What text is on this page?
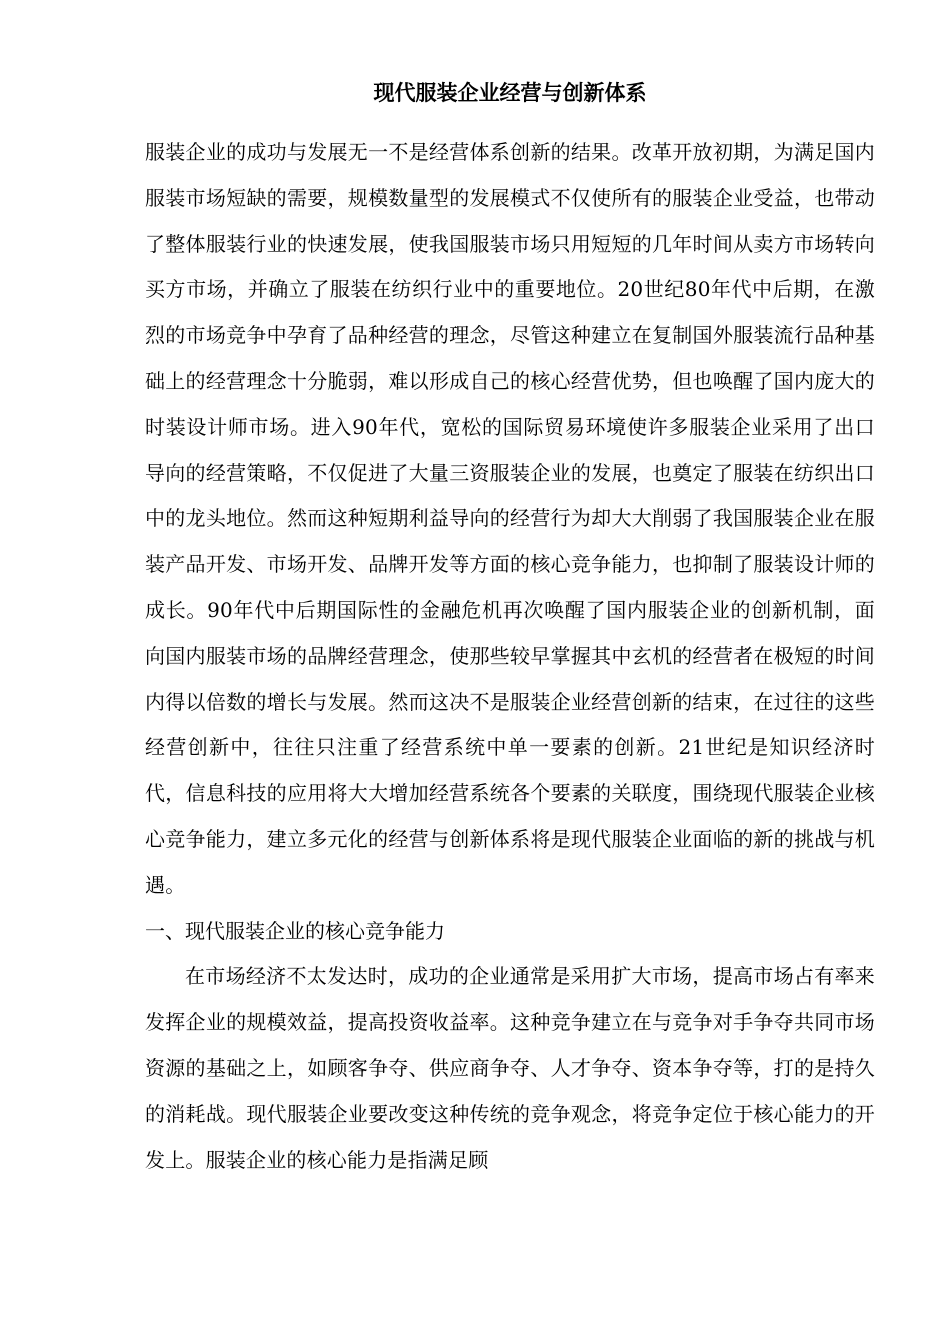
现代服装企业经营与创新体系

服装企业的成功与发展无一不是经营体系创新的结果。改革开放初期，为满足国内服装市场短缺的需要，规模数量型的发展模式不仅使所有的服装企业受益，也带动了整体服装行业的快速发展，使我国服装市场只用短短的几年时间从卖方市场转向买方市场，并确立了服装在纺织行业中的重要地位。20世纪80年代中后期，在激烈的市场竞争中孕育了品种经营的理念，尽管这种建立在复制国外服装流行品种基础上的经营理念十分脆弱，难以形成自己的核心经营优势，但也唤醒了国内庞大的时装设计师市场。进入90年代，宽松的国际贸易环境使许多服装企业采用了出口导向的经营策略，不仅促进了大量三资服装企业的发展，也奠定了服装在纺织出口中的龙头地位。然而这种短期利益导向的经营行为却大大削弱了我国服装企业在服装产品开发、市场开发、品牌开发等方面的核心竞争能力，也抑制了服装设计师的成长。90年代中后期国际性的金融危机再次唤醒了国内服装企业的创新机制，面向国内服装市场的品牌经营理念，使那些较早掌握其中玄机的经营者在极短的时间内得以倍数的增长与发展。然而这决不是服装企业经营创新的结束，在过往的这些经营创新中，往往只注重了经营系统中单一要素的创新。21世纪是知识经济时代，信息科技的应用将大大增加经营系统各个要素的关联度，围绕现代服装企业核心竞争能力，建立多元化的经营与创新体系将是现代服装企业面临的新的挑战与机遇。

一、现代服装企业的核心竞争能力

在市场经济不太发达时，成功的企业通常是采用扩大市场，提高市场占有率来发挥企业的规模效益，提高投资收益率。这种竞争建立在与竞争对手争夺共同市场资源的基础之上，如顾客争夺、供应商争夺、人才争夺、资本争夺等，打的是持久的消耗战。现代服装企业要改变这种传统的竞争观念，将竞争定位于核心能力的开发上。服装企业的核心能力是指满足顾
